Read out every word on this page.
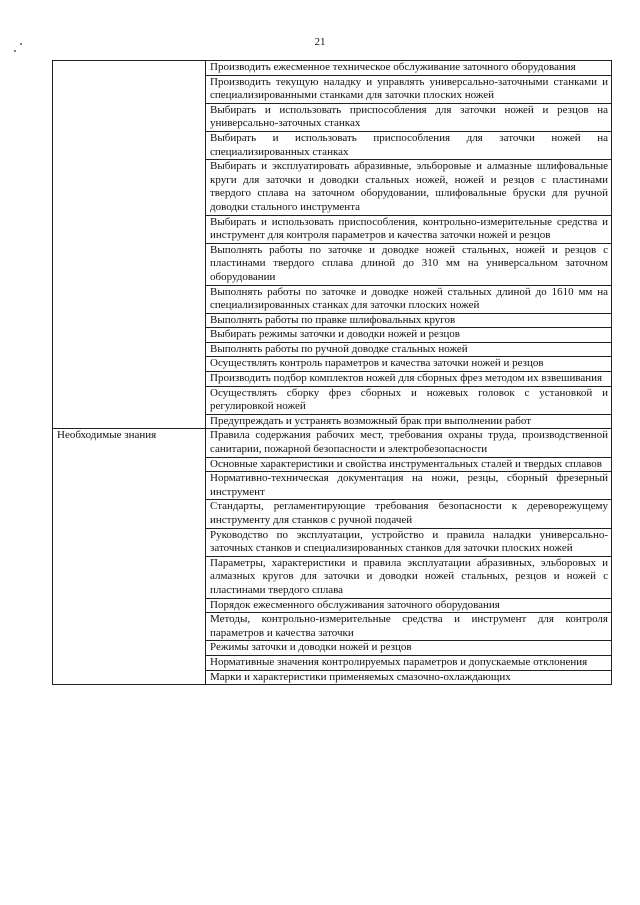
21
	Производить ежесменное техническое обслуживание заточного оборудования
	Производить текущую наладку и управлять универсально-заточными станками и специализированными станками для заточки плоских ножей
	Выбирать и использовать приспособления для заточки ножей и резцов на универсально-заточных станках
	Выбирать и использовать приспособления для заточки ножей на специализированных станках
	Выбирать и эксплуатировать абразивные, эльборовые и алмазные шлифовальные круги для заточки и доводки стальных ножей, ножей и резцов с пластинами твердого сплава на заточном оборудовании, шлифовальные бруски для ручной доводки стального инструмента
	Выбирать и использовать приспособления, контрольно-измерительные средства и инструмент для контроля параметров и качества заточки ножей и резцов
	Выполнять работы по заточке и доводке ножей стальных, ножей и резцов с пластинами твердого сплава длиной до 310 мм на универсальном заточном оборудовании
	Выполнять работы по заточке и доводке ножей стальных длиной до 1610 мм на специализированных станках для заточки плоских ножей
	Выполнять работы по правке шлифовальных кругов
	Выбирать режимы заточки и доводки ножей и резцов
	Выполнять работы по ручной доводке стальных ножей
	Осуществлять контроль параметров и качества заточки ножей и резцов
	Производить подбор комплектов ножей для сборных фрез методом их взвешивания
	Осуществлять сборку фрез сборных и ножевых головок с установкой и регулировкой ножей
	Предупреждать и устранять возможный брак при выполнении работ
Необходимые знания	Правила содержания рабочих мест, требования охраны труда, производственной санитарии, пожарной безопасности и электробезопасности
	Основные характеристики и свойства инструментальных сталей и твердых сплавов
	Нормативно-техническая документация на ножи, резцы, сборный фрезерный инструмент
	Стандарты, регламентирующие требования безопасности к дереворежущему инструменту для станков с ручной подачей
	Руководство по эксплуатации, устройство и правила наладки универсально-заточных станков и специализированных станков для заточки плоских ножей
	Параметры, характеристики и правила эксплуатации абразивных, эльборовых и алмазных кругов для заточки и доводки ножей стальных, резцов и ножей с пластинами твердого сплава
	Порядок ежесменного обслуживания заточного оборудования
	Методы, контрольно-измерительные средства и инструмент для контроля параметров и качества заточки
	Режимы заточки и доводки ножей и резцов
	Нормативные значения контролируемых параметров и допускаемые отклонения
	Марки и характеристики применяемых смазочно-охлаждающих
